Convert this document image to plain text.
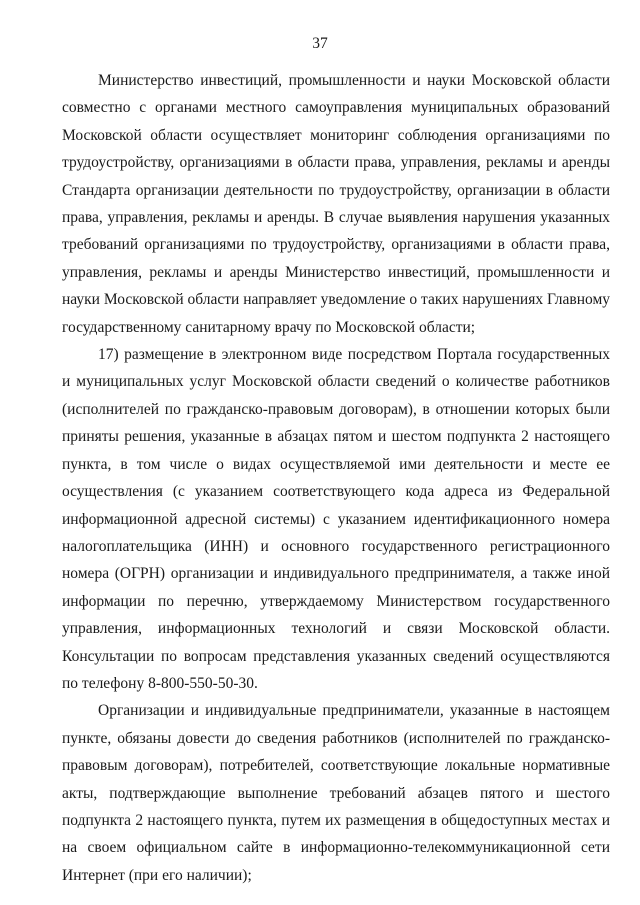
37

Министерство инвестиций, промышленности и науки Московской области совместно с органами местного самоуправления муниципальных образований Московской области осуществляет мониторинг соблюдения организациями по трудоустройству, организациями в области права, управления, рекламы и аренды Стандарта организации деятельности по трудоустройству, организации в области права, управления, рекламы и аренды. В случае выявления нарушения указанных требований организациями по трудоустройству, организациями в области права, управления, рекламы и аренды Министерство инвестиций, промышленности и науки Московской области направляет уведомление о таких нарушениях Главному государственному санитарному врачу по Московской области;

17) размещение в электронном виде посредством Портала государственных и муниципальных услуг Московской области сведений о количестве работников (исполнителей по гражданско-правовым договорам), в отношении которых были приняты решения, указанные в абзацах пятом и шестом подпункта 2 настоящего пункта, в том числе о видах осуществляемой ими деятельности и месте ее осуществления (с указанием соответствующего кода адреса из Федеральной информационной адресной системы) с указанием идентификационного номера налогоплательщика (ИНН) и основного государственного регистрационного номера (ОГРН) организации и индивидуального предпринимателя, а также иной информации по перечню, утверждаемому Министерством государственного управления, информационных технологий и связи Московской области. Консультации по вопросам представления указанных сведений осуществляются по телефону 8-800-550-50-30.

Организации и индивидуальные предприниматели, указанные в настоящем пункте, обязаны довести до сведения работников (исполнителей по гражданско-правовым договорам), потребителей, соответствующие локальные нормативные акты, подтверждающие выполнение требований абзацев пятого и шестого подпункта 2 настоящего пункта, путем их размещения в общедоступных местах и на своем официальном сайте в информационно-телекоммуникационной сети Интернет (при его наличии);
